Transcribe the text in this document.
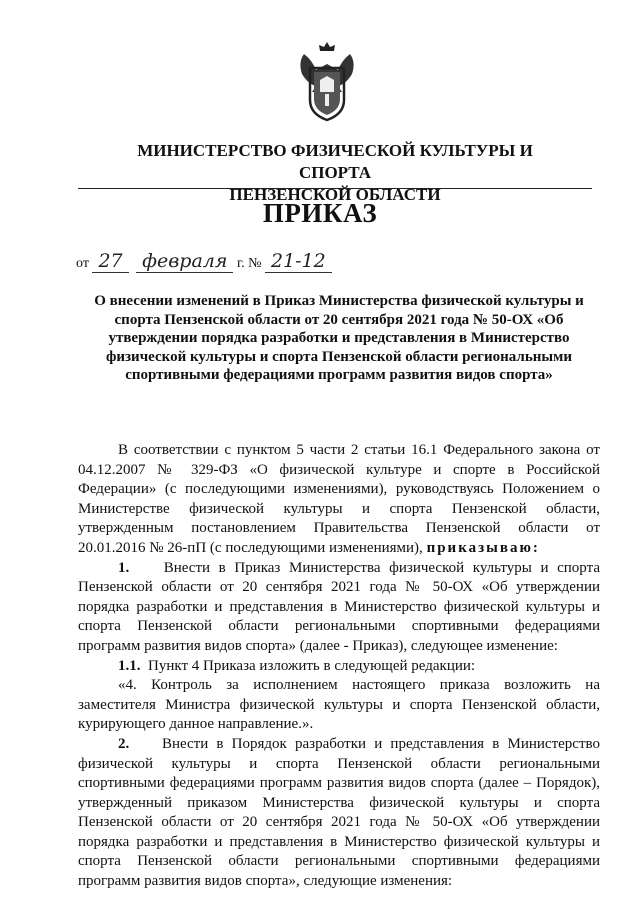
МИНИСТЕРСТВО ФИЗИЧЕСКОЙ КУЛЬТУРЫ И СПОРТА
ПЕНЗЕНСКОЙ ОБЛАСТИ
ПРИКАЗ
от 27 февраля г. № 21-12
О внесении изменений в Приказ Министерства физической культуры и спорта Пензенской области от 20 сентября 2021 года № 50-ОХ «Об утверждении порядка разработки и представления в Министерство физической культуры и спорта Пензенской области региональными спортивными федерациями программ развития видов спорта»

В соответствии с пунктом 5 части 2 статьи 16.1 Федерального закона от 04.12.2007 № 329-ФЗ «О физической культуре и спорте в Российской Федерации» (с последующими изменениями), руководствуясь Положением о Министерстве физической культуры и спорта Пензенской области, утвержденным постановлением Правительства Пензенской области от 20.01.2016 № 26-пП (с последующими изменениями), приказываю:

1. Внести в Приказ Министерства физической культуры и спорта Пензенской области от 20 сентября 2021 года № 50-ОХ «Об утверждении порядка разработки и представления в Министерство физической культуры и спорта Пензенской области региональными спортивными федерациями программ развития видов спорта» (далее - Приказ), следующее изменение:

1.1. Пункт 4 Приказа изложить в следующей редакции:

«4. Контроль за исполнением настоящего приказа возложить на заместителя Министра физической культуры и спорта Пензенской области, курирующего данное направление.».

2. Внести в Порядок разработки и представления в Министерство физической культуры и спорта Пензенской области региональными спортивными федерациями программ развития видов спорта (далее – Порядок), утвержденный приказом Министерства физической культуры и спорта Пензенской области от 20 сентября 2021 года № 50-ОХ «Об утверждении порядка разработки и представления в Министерство физической культуры и спорта Пензенской области региональными спортивными федерациями программ развития видов спорта», следующие изменения:
